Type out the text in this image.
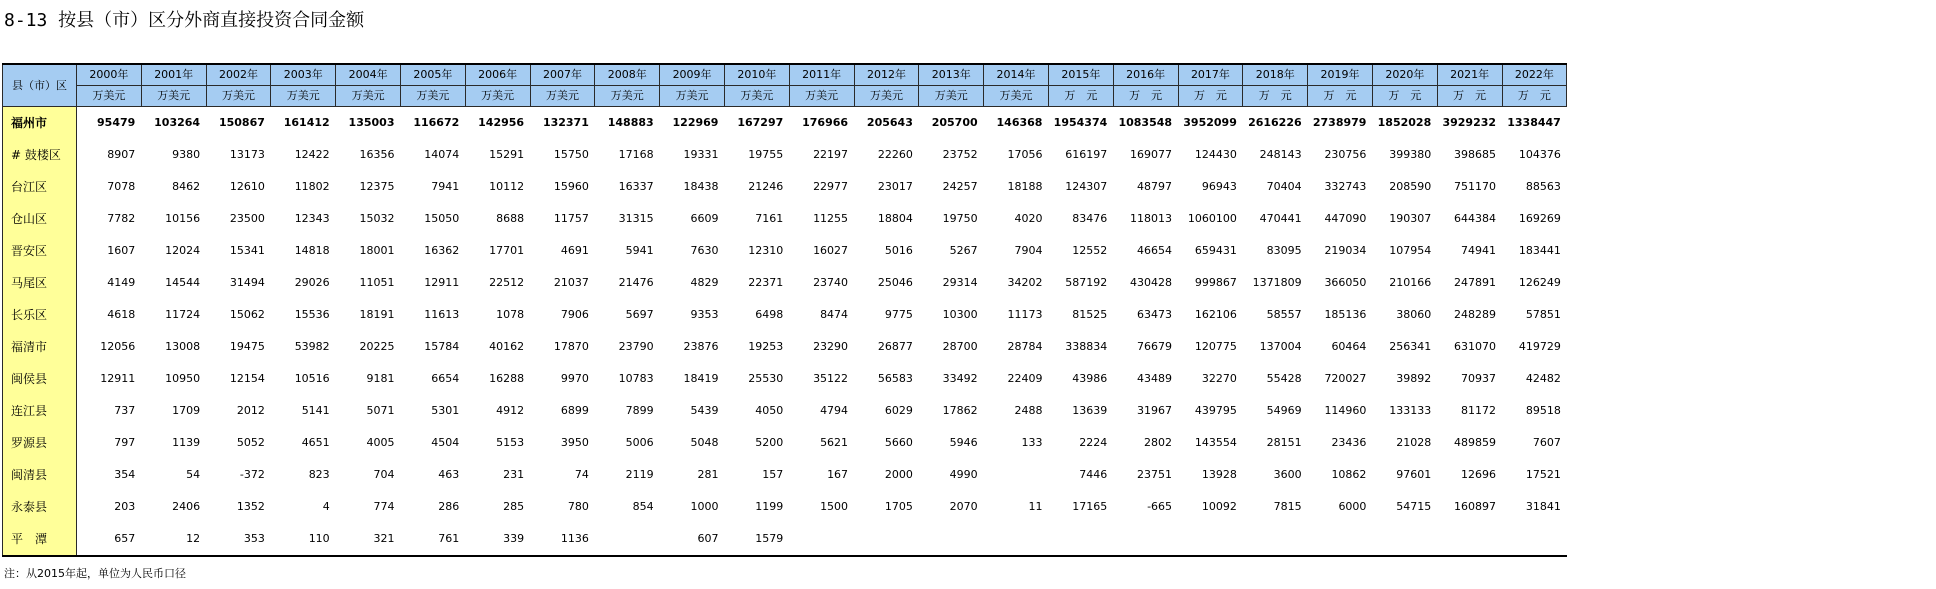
8-13 按县（市）区分外商直接投资合同金额
县（市）区	2000年	2001年	2002年	2003年	2004年	2005年	2006年	2007年	2008年	2009年	2010年	2011年	2012年	2013年	2014年	2015年	2016年	2017年	2018年	2019年	2020年	2021年	2022年
	万美元	万美元	万美元	万美元	万美元	万美元	万美元	万美元	万美元	万美元	万美元	万美元	万美元	万美元	万美元	万　元	万　元	万　元	万　元	万　元	万　元	万　元	万　元
福州市	95479	103264	150867	161412	135003	116672	142956	132371	148883	122969	167297	176966	205643	205700	146368	1954374	1083548	3952099	2616226	2738979	1852028	3929232	1338447
# 鼓楼区	8907	9380	13173	12422	16356	14074	15291	15750	17168	19331	19755	22197	22260	23752	17056	616197	169077	124430	248143	230756	399380	398685	104376
台江区	7078	8462	12610	11802	12375	7941	10112	15960	16337	18438	21246	22977	23017	24257	18188	124307	48797	96943	70404	332743	208590	751170	88563
仓山区	7782	10156	23500	12343	15032	15050	8688	11757	31315	6609	7161	11255	18804	19750	4020	83476	118013	1060100	470441	447090	190307	644384	169269
晋安区	1607	12024	15341	14818	18001	16362	17701	4691	5941	7630	12310	16027	5016	5267	7904	12552	46654	659431	83095	219034	107954	74941	183441
马尾区	4149	14544	31494	29026	11051	12911	22512	21037	21476	4829	22371	23740	25046	29314	34202	587192	430428	999867	1371809	366050	210166	247891	126249
长乐区	4618	11724	15062	15536	18191	11613	1078	7906	5697	9353	6498	8474	9775	10300	11173	81525	63473	162106	58557	185136	38060	248289	57851
福清市	12056	13008	19475	53982	20225	15784	40162	17870	23790	23876	19253	23290	26877	28700	28784	338834	76679	120775	137004	60464	256341	631070	419729
闽侯县	12911	10950	12154	10516	9181	6654	16288	9970	10783	18419	25530	35122	56583	33492	22409	43986	43489	32270	55428	720027	39892	70937	42482
连江县	737	1709	2012	5141	5071	5301	4912	6899	7899	5439	4050	4794	6029	17862	2488	13639	31967	439795	54969	114960	133133	81172	89518
罗源县	797	1139	5052	4651	4005	4504	5153	3950	5006	5048	5200	5621	5660	5946	133	2224	2802	143554	28151	23436	21028	489859	7607
闽清县	354	54	-372	823	704	463	231	74	2119	281	157	167	2000	4990		7446	23751	13928	3600	10862	97601	12696	17521
永泰县	203	2406	1352	4	774	286	285	780	854	1000	1199	1500	1705	2070	11	17165	-665	10092	7815	6000	54715	160897	31841
平　潭	657	12	353	110	321	761	339	1136		607	1579												
注：从2015年起，单位为人民币口径
